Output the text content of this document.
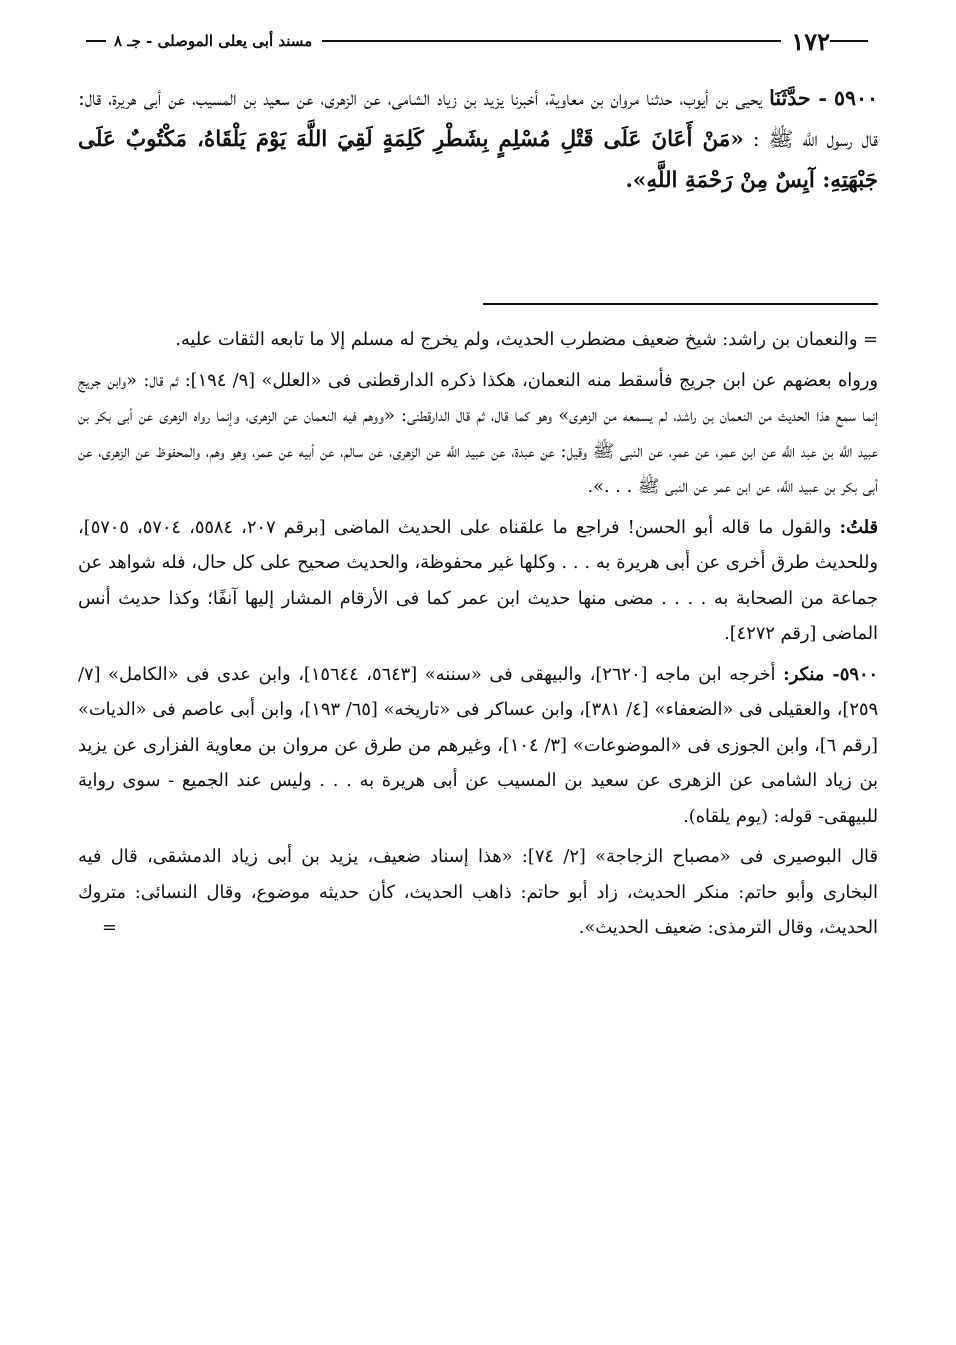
١٧٢
مسند أبى يعلى الموصلى - جـ ٨
٥٩٠٠ - حدَّثَنَا يحيى بن أيوب، حدثنا مروان بن معاوية، أخبرنا يزيد بن زياد الشامى، عن الزهرى، عن سعيد بن المسيب، عن أبى هريرة، قال: قال رسول اللَّه ﷺ : «مَنْ أَعَانَ عَلَى قَتْلِ مُسْلِمٍ بِشَطْرِ كَلِمَةٍ لَقِيَ اللَّهَ يَوْمَ يَلْقَاهُ، مَكْتُوبٌ عَلَى جَبْهَتِهِ: آيِسٌ مِنْ رَحْمَةِ اللَّهِ».

= والنعمان بن راشد: شيخ ضعيف مضطرب الحديث، ولم يخرج له مسلم إلا ما تابعه الثقات عليه.

ورواه بعضهم عن ابن جريج فأسقط منه النعمان، هكذا ذكره الدارقطنى فى «العلل» [٩/ ١٩٤]: ثم قال: «وابن جريج إنما سمع هذا الحديث من النعمان بن راشد، لم يسمعه من الزهرى» وهو كما قال، ثم قال الدارقطنى: «ووهم فيه النعمان عن الزهرى، وإنما رواه الزهرى عن أبى بكر بن عبيد اللَّه بن عبد اللَّه عن ابن عمر، عن عمر، عن النبى ﷺ وقيل: عن عبدة، عن عبيد اللَّه عن الزهرى، عن سالم، عن أبيه عن عمر، وهو وهم، والمحفوظ عن الزهرى، عن أبى بكر بن عبيد اللَّه، عن ابن عمر عن النبى ﷺ . . .».

قلتُ: والقول ما قاله أبو الحسن! فراجع ما علقناه على الحديث الماضى [برقم ٢٠٧، ٥٥٨٤، ٥٧٠٤، ٥٧٠٥]، وللحديث طرق أخرى عن أبى هريرة به . . . وكلها غير محفوظة، والحديث صحيح على كل حال، فله شواهد عن جماعة من الصحابة به . . . . مضى منها حديث ابن عمر كما فى الأرقام المشار إليها آنفًا؛ وكذا حديث أنس الماضى [رقم ٤٢٧٢].

٥٩٠٠- منكر: أخرجه ابن ماجه [٢٦٢٠]، والبيهقى فى «سننه» [٥٦٤٣، ١٥٦٤٤]، وابن عدى فى «الكامل» [٧/ ٢٥٩]، والعقيلى فى «الضعفاء» [٤/ ٣٨١]، وابن عساكر فى «تاريخه» [٦٥/ ١٩٣]، وابن أبى عاصم فى «الديات» [رقم ٦]، وابن الجوزى فى «الموضوعات» [٣/ ١٠٤]، وغيرهم من طرق عن مروان بن معاوية الفزارى عن يزيد بن زياد الشامى عن الزهرى عن سعيد بن المسيب عن أبى هريرة به . . . وليس عند الجميع - سوى رواية للبيهقى- قوله: (يوم يلقاه).

قال البوصيرى فى «مصباح الزجاجة» [٢/ ٧٤]: «هذا إسناد ضعيف، يزيد بن أبى زياد الدمشقى، قال فيه البخارى وأبو حاتم: منكر الحديث، زاد أبو حاتم: ذاهب الحديث، كأن حديثه موضوع، وقال النسائى: متروك الحديث، وقال الترمذى: ضعيف الحديث».
=
